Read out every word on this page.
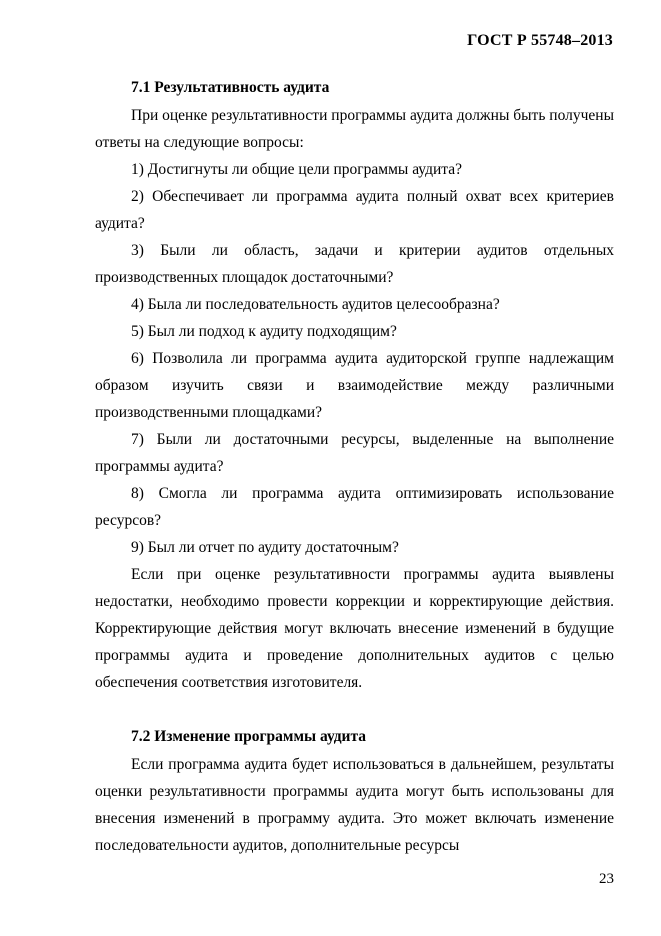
ГОСТ Р 55748–2013
7.1 Результативность аудита

При оценке результативности программы аудита должны быть получены ответы на следующие вопросы:

1) Достигнуты ли общие цели программы аудита?

2) Обеспечивает ли программа аудита полный охват всех критериев аудита?

3) Были ли область, задачи и критерии аудитов отдельных производственных площадок достаточными?

4) Была ли последовательность аудитов целесообразна?

5) Был ли подход к аудиту подходящим?

6) Позволила ли программа аудита аудиторской группе надлежащим образом изучить связи и взаимодействие между различными производственными площадками?

7) Были ли достаточными ресурсы, выделенные на выполнение программы аудита?

8) Смогла ли программа аудита оптимизировать использование ресурсов?

9) Был ли отчет по аудиту достаточным?

Если при оценке результативности программы аудита выявлены недостатки, необходимо провести коррекции и корректирующие действия. Корректирующие действия могут включать внесение изменений в будущие программы аудита и проведение дополнительных аудитов с целью обеспечения соответствия изготовителя.

7.2 Изменение программы аудита

Если программа аудита будет использоваться в дальнейшем, результаты оценки результативности программы аудита могут быть использованы для внесения изменений в программу аудита. Это может включать изменение последовательности аудитов, дополнительные ресурсы

23
